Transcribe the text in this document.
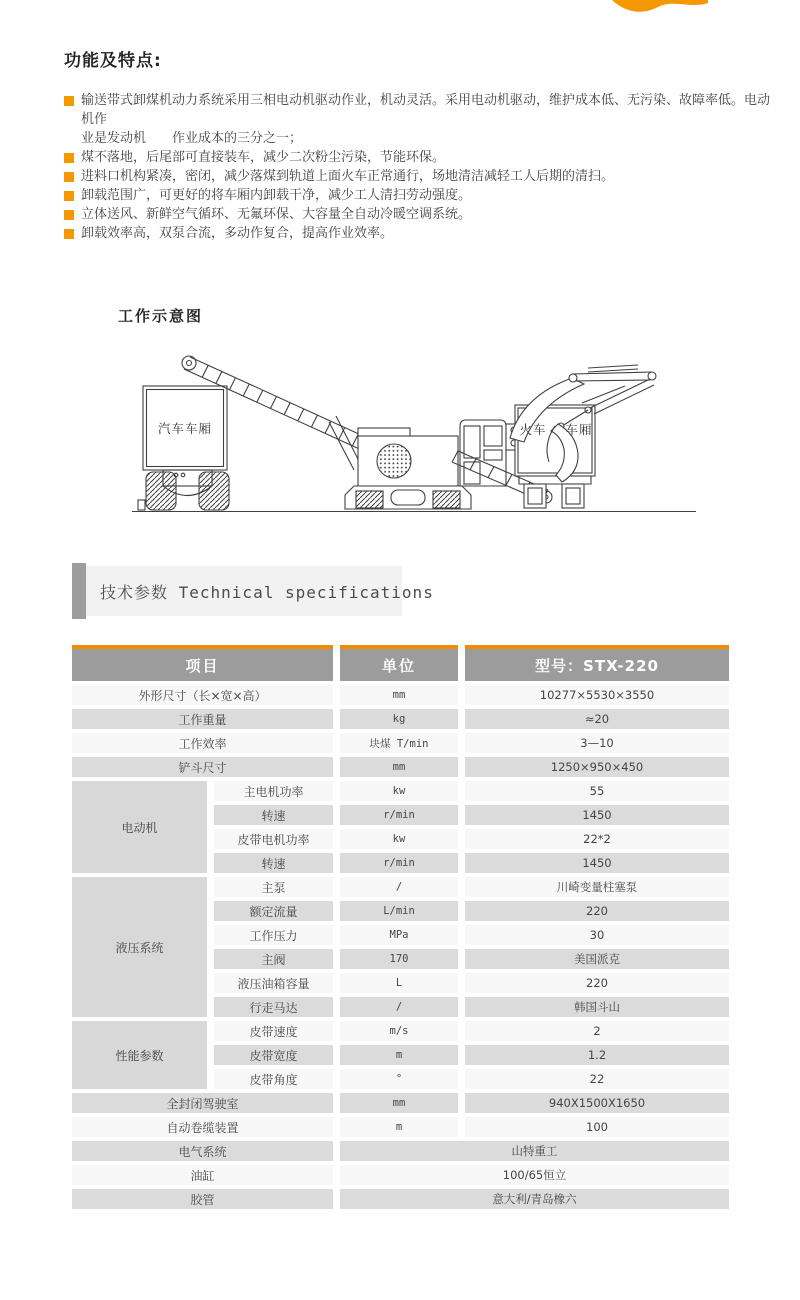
功能及特点:
输送带式卸煤机动力系统采用三相电动机驱动作业，机动灵活。采用电动机驱动，维护成本低、无污染、故障率低。电动机作
业是发动机　　作业成本的三分之一；
煤不落地，后尾部可直接装车，减少二次粉尘污染，节能环保。
进料口机构紧凑，密闭，减少落煤到轨道上面火车正常通行，场地清洁减轻工人后期的清扫。
卸载范围广，可更好的将车厢内卸载干净，减少工人清扫劳动强度。
立体送风、新鲜空气循环、无氟环保、大容量全自动冷暖空调系统。
卸载效率高，双泵合流，多动作复合，提高作业效率。
工作示意图
汽车车厢	火车 车厢
技术参数 Technical specifications
项目	单位	型号：STX-220
外形尺寸（长×宽×高）	mm	10277×5530×3550
工作重量	kg	≈20
工作效率	块煤 T/min	3—10
铲斗尺寸	mm	1250×950×450
电动机
主电机功率	kw	55
转速	r/min	1450
皮带电机功率	kw	22*2
转速	r/min	1450
液压系统
主泵	/	川崎变量柱塞泵
额定流量	L/min	220
工作压力	MPa	30
主阀	170	美国派克
液压油箱容量	L	220
行走马达	/	韩国斗山
性能参数
皮带速度	m/s	2
皮带宽度	m	1.2
皮带角度	°	22
全封闭驾驶室	mm	940X1500X1650
自动卷缆装置	m	100
电气系统	山特重工
油缸	100/65恒立
胶管	意大利/青岛橡六
